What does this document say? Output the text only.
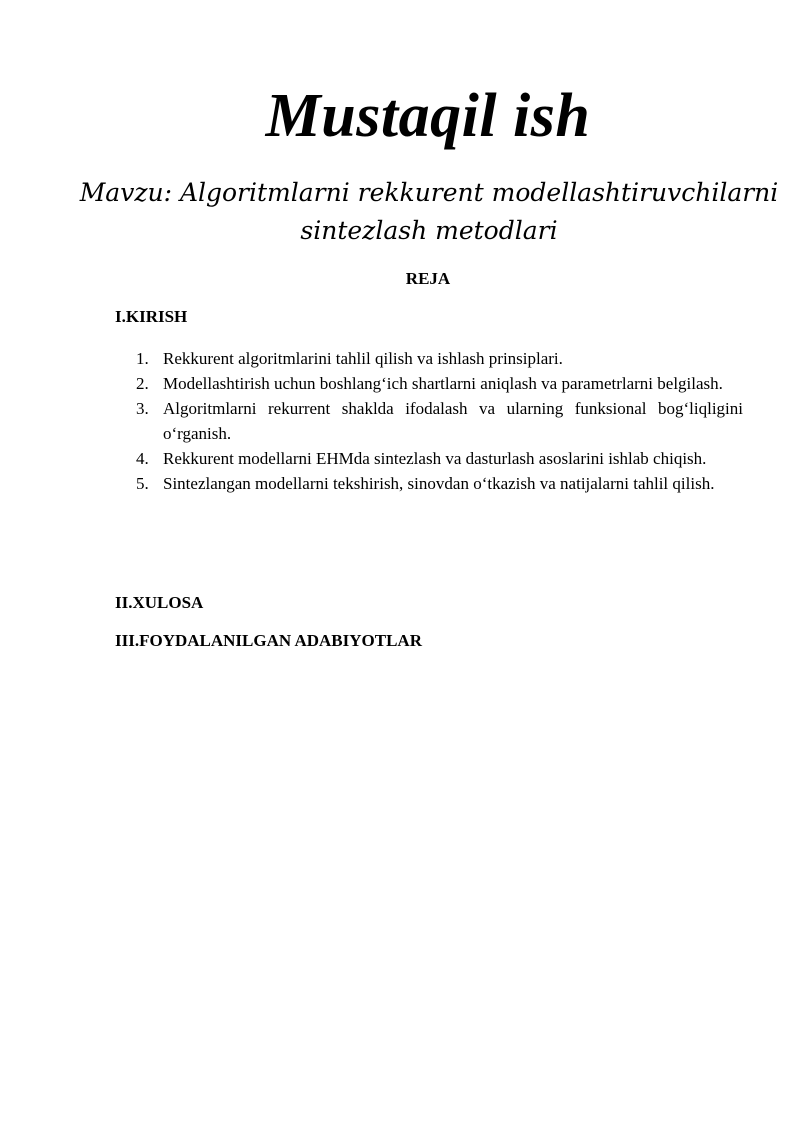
Mustaqil ish
Mavzu: Algoritmlarni rekkurent modellashtiruvchilarni sintezlash metodlari
REJA
I.KIRISH
1. Rekkurent algoritmlarini tahlil qilish va ishlash prinsiplari.
2. Modellashtirish uchun boshlang‘ich shartlarni aniqlash va parametrlarni belgilash.
3. Algoritmlarni rekurrent shaklda ifodalash va ularning funksional bog‘liqligini o‘rganish.
4. Rekkurent modellarni EHMda sintezlash va dasturlash asoslarini ishlab chiqish.
5. Sintezlangan modellarni tekshirish, sinovdan o‘tkazish va natijalarni tahlil qilish.
II.XULOSA
III.FOYDALANILGAN ADABIYOTLAR
